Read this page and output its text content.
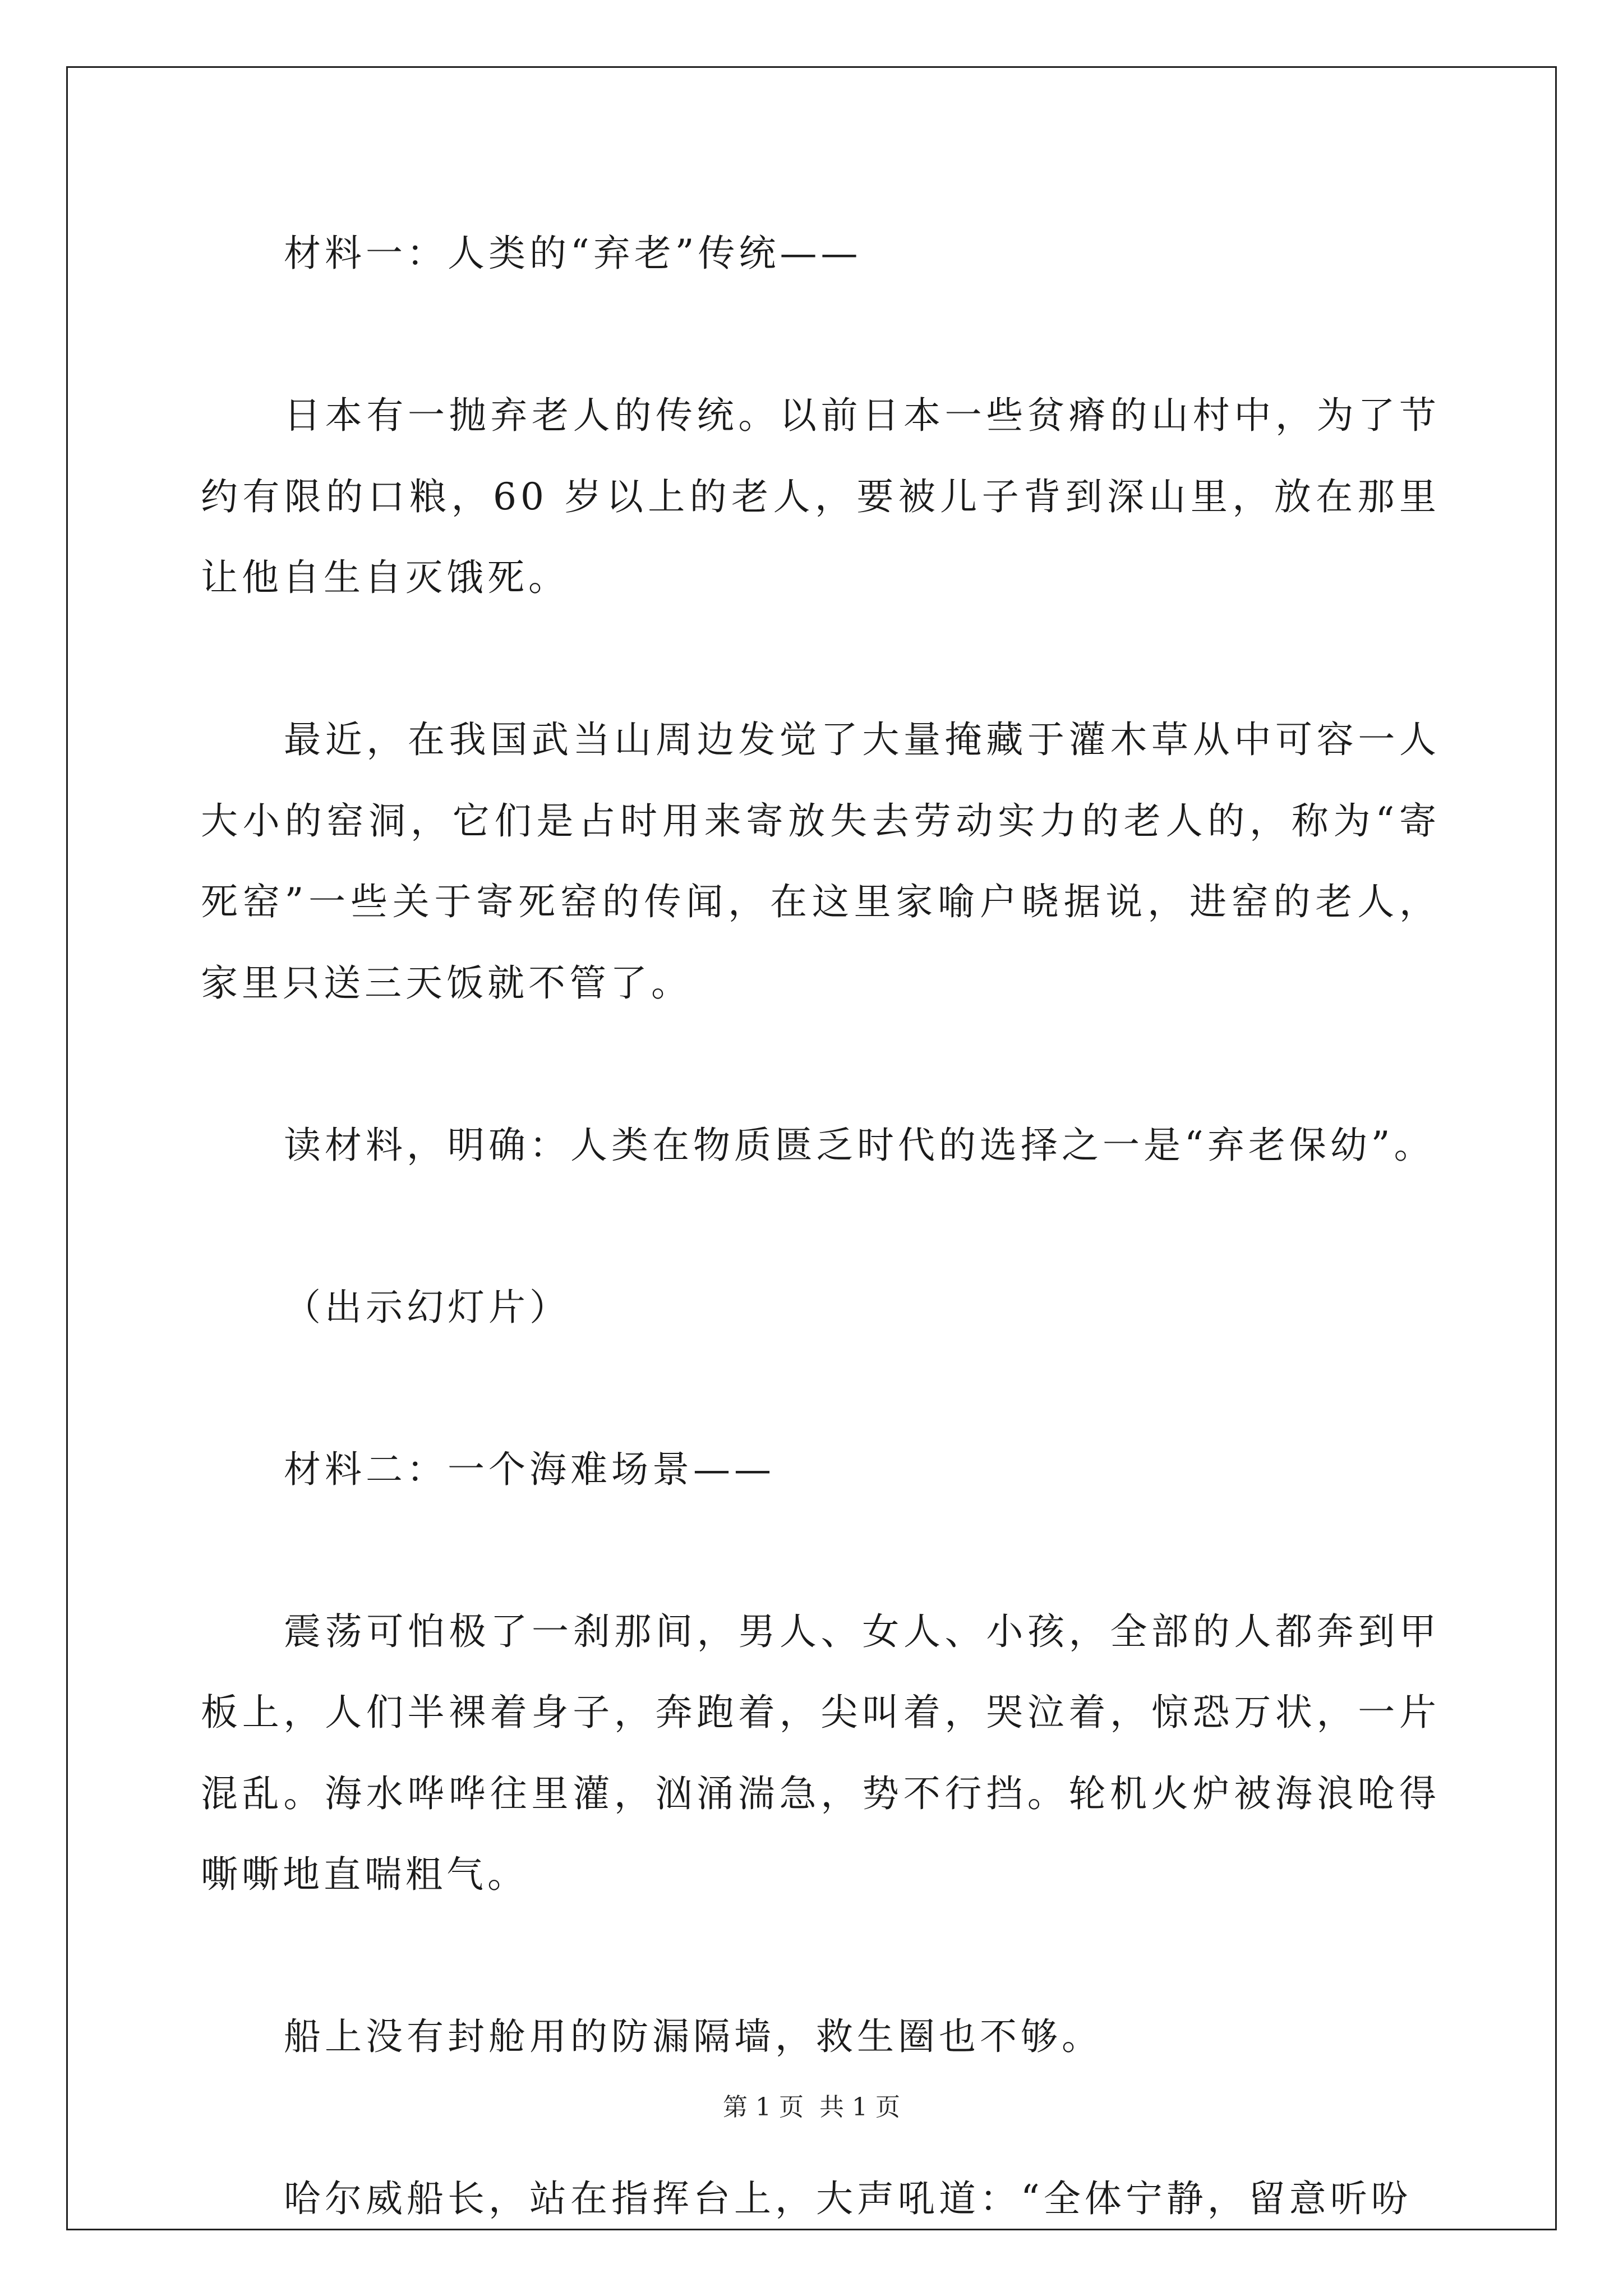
材料一：人类的“弃老”传统——

日本有一抛弃老人的传统。以前日本一些贫瘠的山村中，为了节约有限的口粮，60 岁以上的老人，要被儿子背到深山里，放在那里让他自生自灭饿死。

最近，在我国武当山周边发觉了大量掩藏于灌木草从中可容一人大小的窑洞，它们是占时用来寄放失去劳动实力的老人的，称为“寄死窑”一些关于寄死窑的传闻，在这里家喻户晓据说，进窑的老人，家里只送三天饭就不管了。

读材料，明确：人类在物质匮乏时代的选择之一是“弃老保幼”。

（出示幻灯片）

材料二：一个海难场景——

震荡可怕极了一刹那间，男人、女人、小孩，全部的人都奔到甲板上，人们半裸着身子，奔跑着，尖叫着，哭泣着，惊恐万状，一片混乱。海水哗哗往里灌，汹涌湍急，势不行挡。轮机火炉被海浪呛得嘶嘶地直喘粗气。

船上没有封舱用的防漏隔墙，救生圈也不够。

哈尔威船长，站在指挥台上，大声吼道：“全体宁静，留意听吩

第 1 页 共 1 页
